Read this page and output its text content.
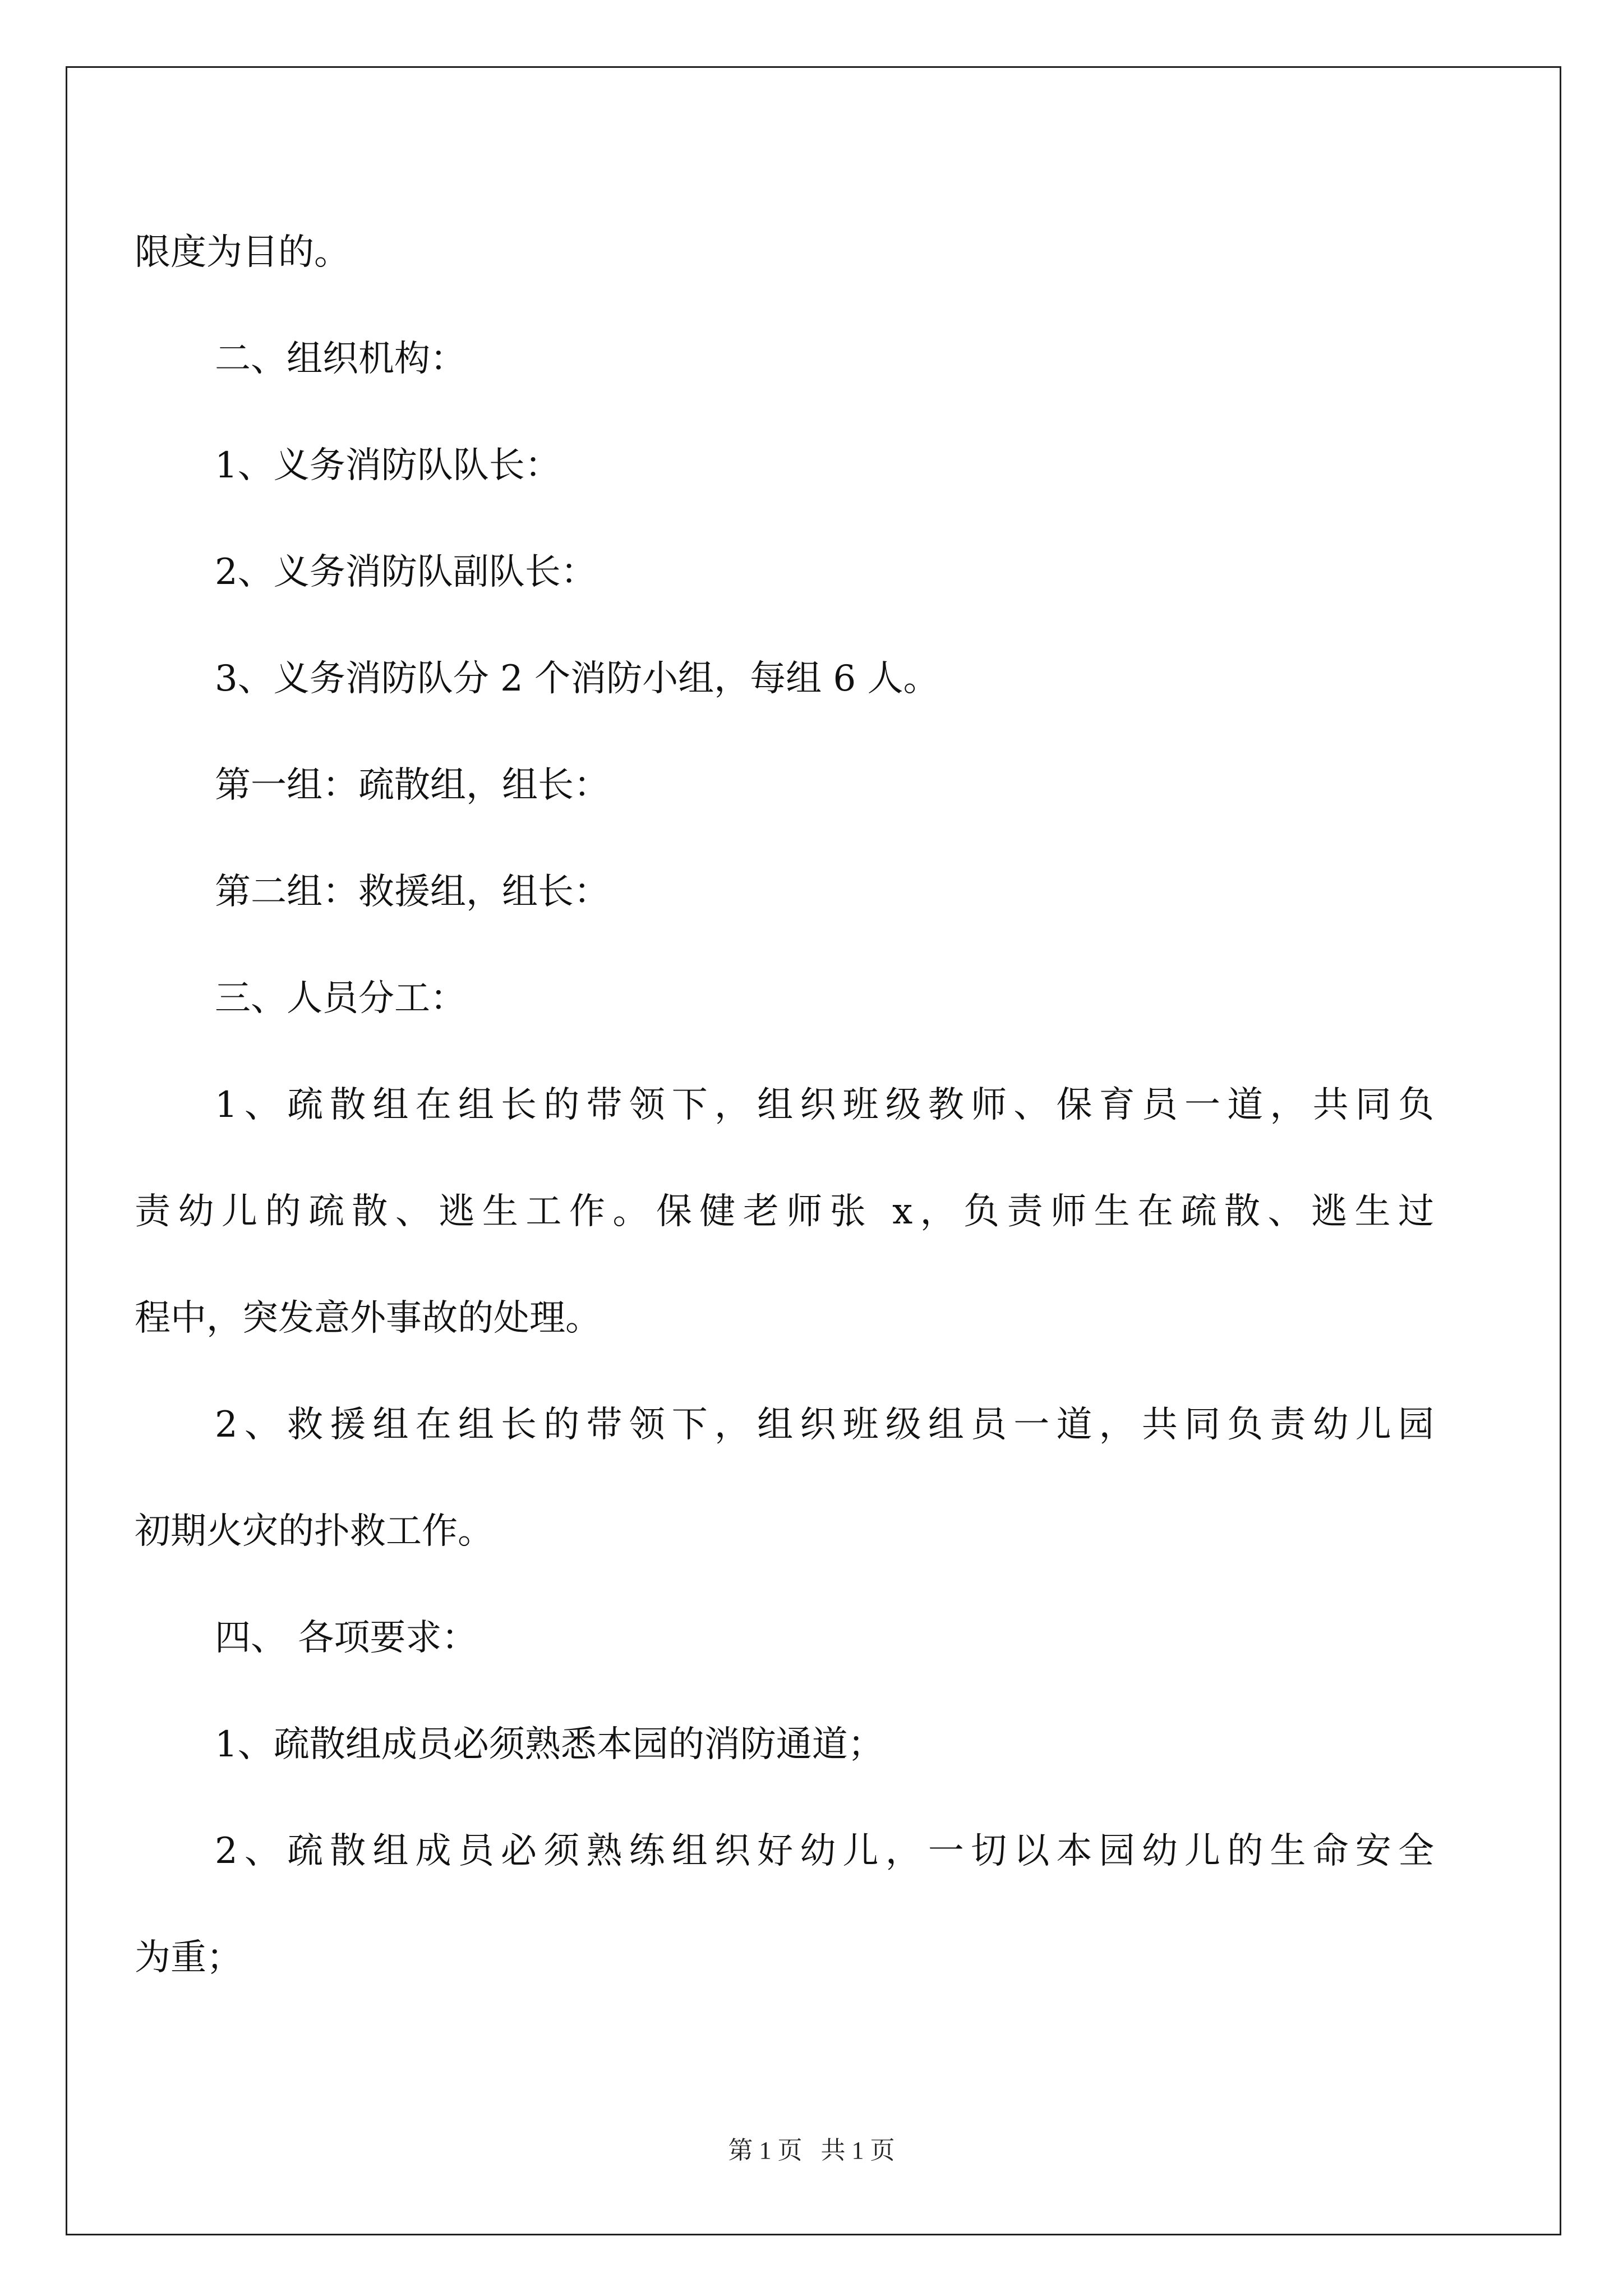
限度为目的。
二、组织机构：
1、义务消防队队长：
2、义务消防队副队长：
3、义务消防队分 2 个消防小组，每组 6 人。
第一组：疏散组，组长：
第二组：救援组，组长：
三、人员分工：
1、疏散组在组长的带领下，组织班级教师、保育员一道，共同负
责幼儿的疏散、逃生工作。保健老师张 x，负责师生在疏散、逃生过
程中，突发意外事故的处理。
2、救援组在组长的带领下，组织班级组员一道，共同负责幼儿园
初期火灾的扑救工作。
四、 各项要求：
1、疏散组成员必须熟悉本园的消防通道；
2、疏散组成员必须熟练组织好幼儿，一切以本园幼儿的生命安全
为重；
第 1 页   共 1 页
